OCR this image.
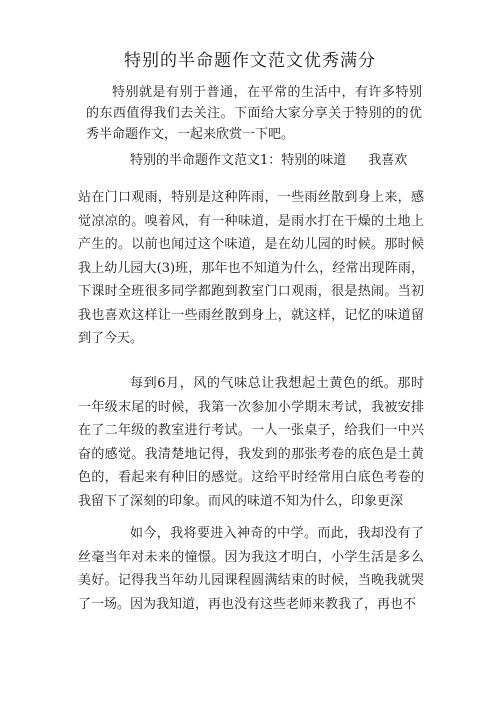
特别的半命题作文范文优秀满分

特别就是有别于普通，在平常的生活中，有许多特别的东西值得我们去关注。下面给大家分享关于特别的的优秀半命题作文，一起来欣赏一下吧。

特别的半命题作文范文1：特别的味道 我喜欢

站在门口观雨，特别是这种阵雨，一些雨丝散到身上来，感觉凉凉的。嗅着风，有一种味道，是雨水打在干燥的土地上产生的。以前也闻过这个味道，是在幼儿园的时候。那时候我上幼儿园大(3)班，那年也不知道为什么，经常出现阵雨，下课时全班很多同学都跑到教室门口观雨，很是热闹。当初我也喜欢这样让一些雨丝散到身上，就这样，记忆的味道留到了今天。

每到6月，风的气味总让我想起土黄色的纸。那时一年级末尾的时候，我第一次参加小学期末考试，我被安排在了二年级的教室进行考试。一人一张桌子，给我们一中兴奋的感觉。我清楚地记得，我发到的那张考卷的底色是土黄色的，看起来有种旧的感觉。这给平时经常用白底色考卷的我留下了深刻的印象。而风的味道不知为什么，印象更深

如今，我将要进入神奇的中学。而此，我却没有了丝毫当年对未来的憧憬。因为我这才明白，小学生活是多么美好。记得我当年幼儿园课程圆满结束的时候，当晚我就哭了一场。因为我知道，再也没有这些老师来教我了，再也不
